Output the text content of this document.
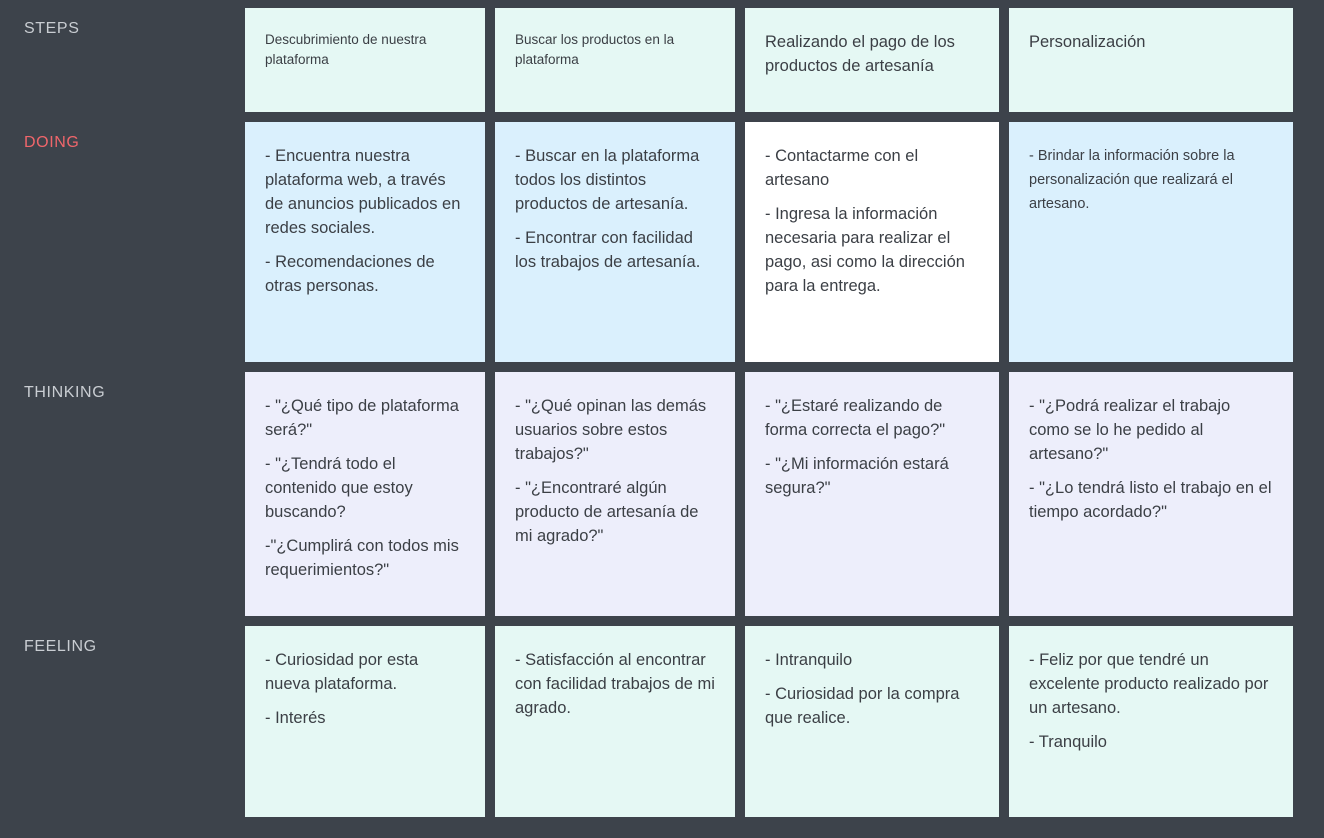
STEPS
DOING
THINKING
FEELING

Descubrimiento de nuestra plataforma

Buscar los productos en la plataforma

Realizando el pago de los productos de artesanía

Personalización

- Encuentra nuestra plataforma web, a través de anuncios publicados en redes sociales.

- Recomendaciones de otras personas.

- Buscar en la plataforma todos los distintos productos de artesanía.

- Encontrar con facilidad los trabajos de artesanía.

- Contactarme con el artesano

- Ingresa la información necesaria para realizar el pago, asi como la dirección para la entrega.

- Brindar la información sobre la personalización que realizará el artesano.

- "¿Qué tipo de plataforma será?"

- "¿Tendrá todo el contenido que estoy buscando?

-"¿Cumplirá con todos mis requerimientos?"

- "¿Qué opinan las demás usuarios sobre estos trabajos?"

- "¿Encontraré algún producto de artesanía de mi agrado?"

- "¿Estaré realizando de forma correcta el pago?"

- "¿Mi información estará segura?"

- "¿Podrá realizar el trabajo como se lo he pedido al artesano?"

- "¿Lo tendrá listo el trabajo en el tiempo acordado?"

- Curiosidad por esta nueva plataforma.

- Interés

- Satisfacción al encontrar con facilidad trabajos de mi agrado.

- Intranquilo

- Curiosidad por la compra que realice.

- Feliz por que tendré un excelente producto realizado por un artesano.

- Tranquilo
